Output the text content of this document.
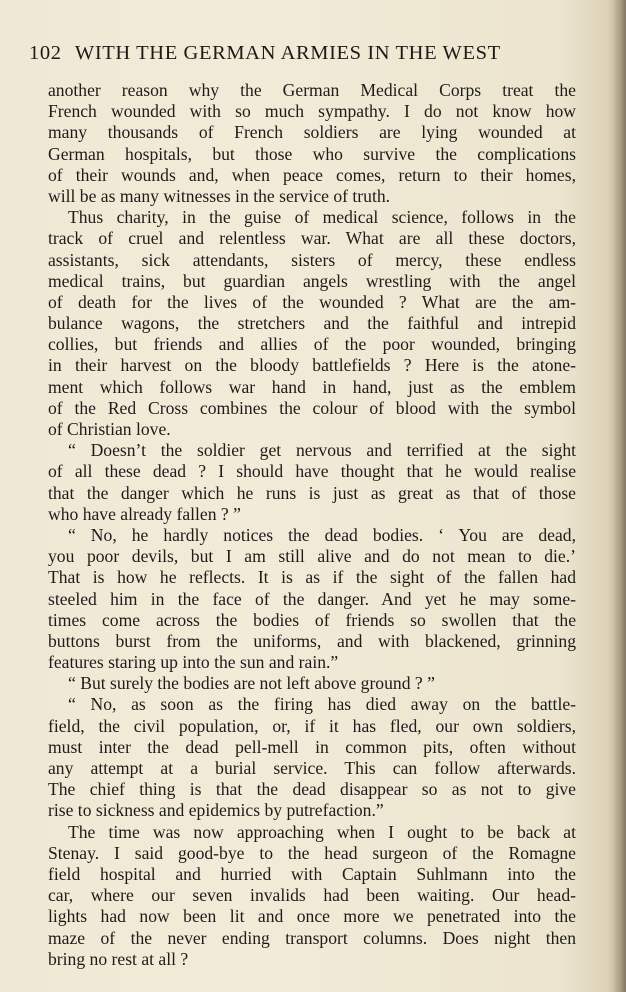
102 WITH THE GERMAN ARMIES IN THE WEST
another reason why the German Medical Corps treat the
French wounded with so much sympathy. I do not know how
many thousands of French soldiers are lying wounded at
German hospitals, but those who survive the complications
of their wounds and, when peace comes, return to their homes,
will be as many witnesses in the service of truth.
Thus charity, in the guise of medical science, follows in the
track of cruel and relentless war. What are all these doctors,
assistants, sick attendants, sisters of mercy, these endless
medical trains, but guardian angels wrestling with the angel
of death for the lives of the wounded ? What are the am-
bulance wagons, the stretchers and the faithful and intrepid
collies, but friends and allies of the poor wounded, bringing
in their harvest on the bloody battlefields ? Here is the atone-
ment which follows war hand in hand, just as the emblem
of the Red Cross combines the colour of blood with the symbol
of Christian love.
“ Doesn’t the soldier get nervous and terrified at the sight
of all these dead ? I should have thought that he would realise
that the danger which he runs is just as great as that of those
who have already fallen ? ”
“ No, he hardly notices the dead bodies. ‘ You are dead,
you poor devils, but I am still alive and do not mean to die.’
That is how he reflects. It is as if the sight of the fallen had
steeled him in the face of the danger. And yet he may some-
times come across the bodies of friends so swollen that the
buttons burst from the uniforms, and with blackened, grinning
features staring up into the sun and rain.”
“ But surely the bodies are not left above ground ? ”
“ No, as soon as the firing has died away on the battle-
field, the civil population, or, if it has fled, our own soldiers,
must inter the dead pell-mell in common pits, often without
any attempt at a burial service. This can follow afterwards.
The chief thing is that the dead disappear so as not to give
rise to sickness and epidemics by putrefaction.”
The time was now approaching when I ought to be back at
Stenay. I said good-bye to the head surgeon of the Romagne
field hospital and hurried with Captain Suhlmann into the
car, where our seven invalids had been waiting. Our head-
lights had now been lit and once more we penetrated into the
maze of the never ending transport columns. Does night then
bring no rest at all ?
